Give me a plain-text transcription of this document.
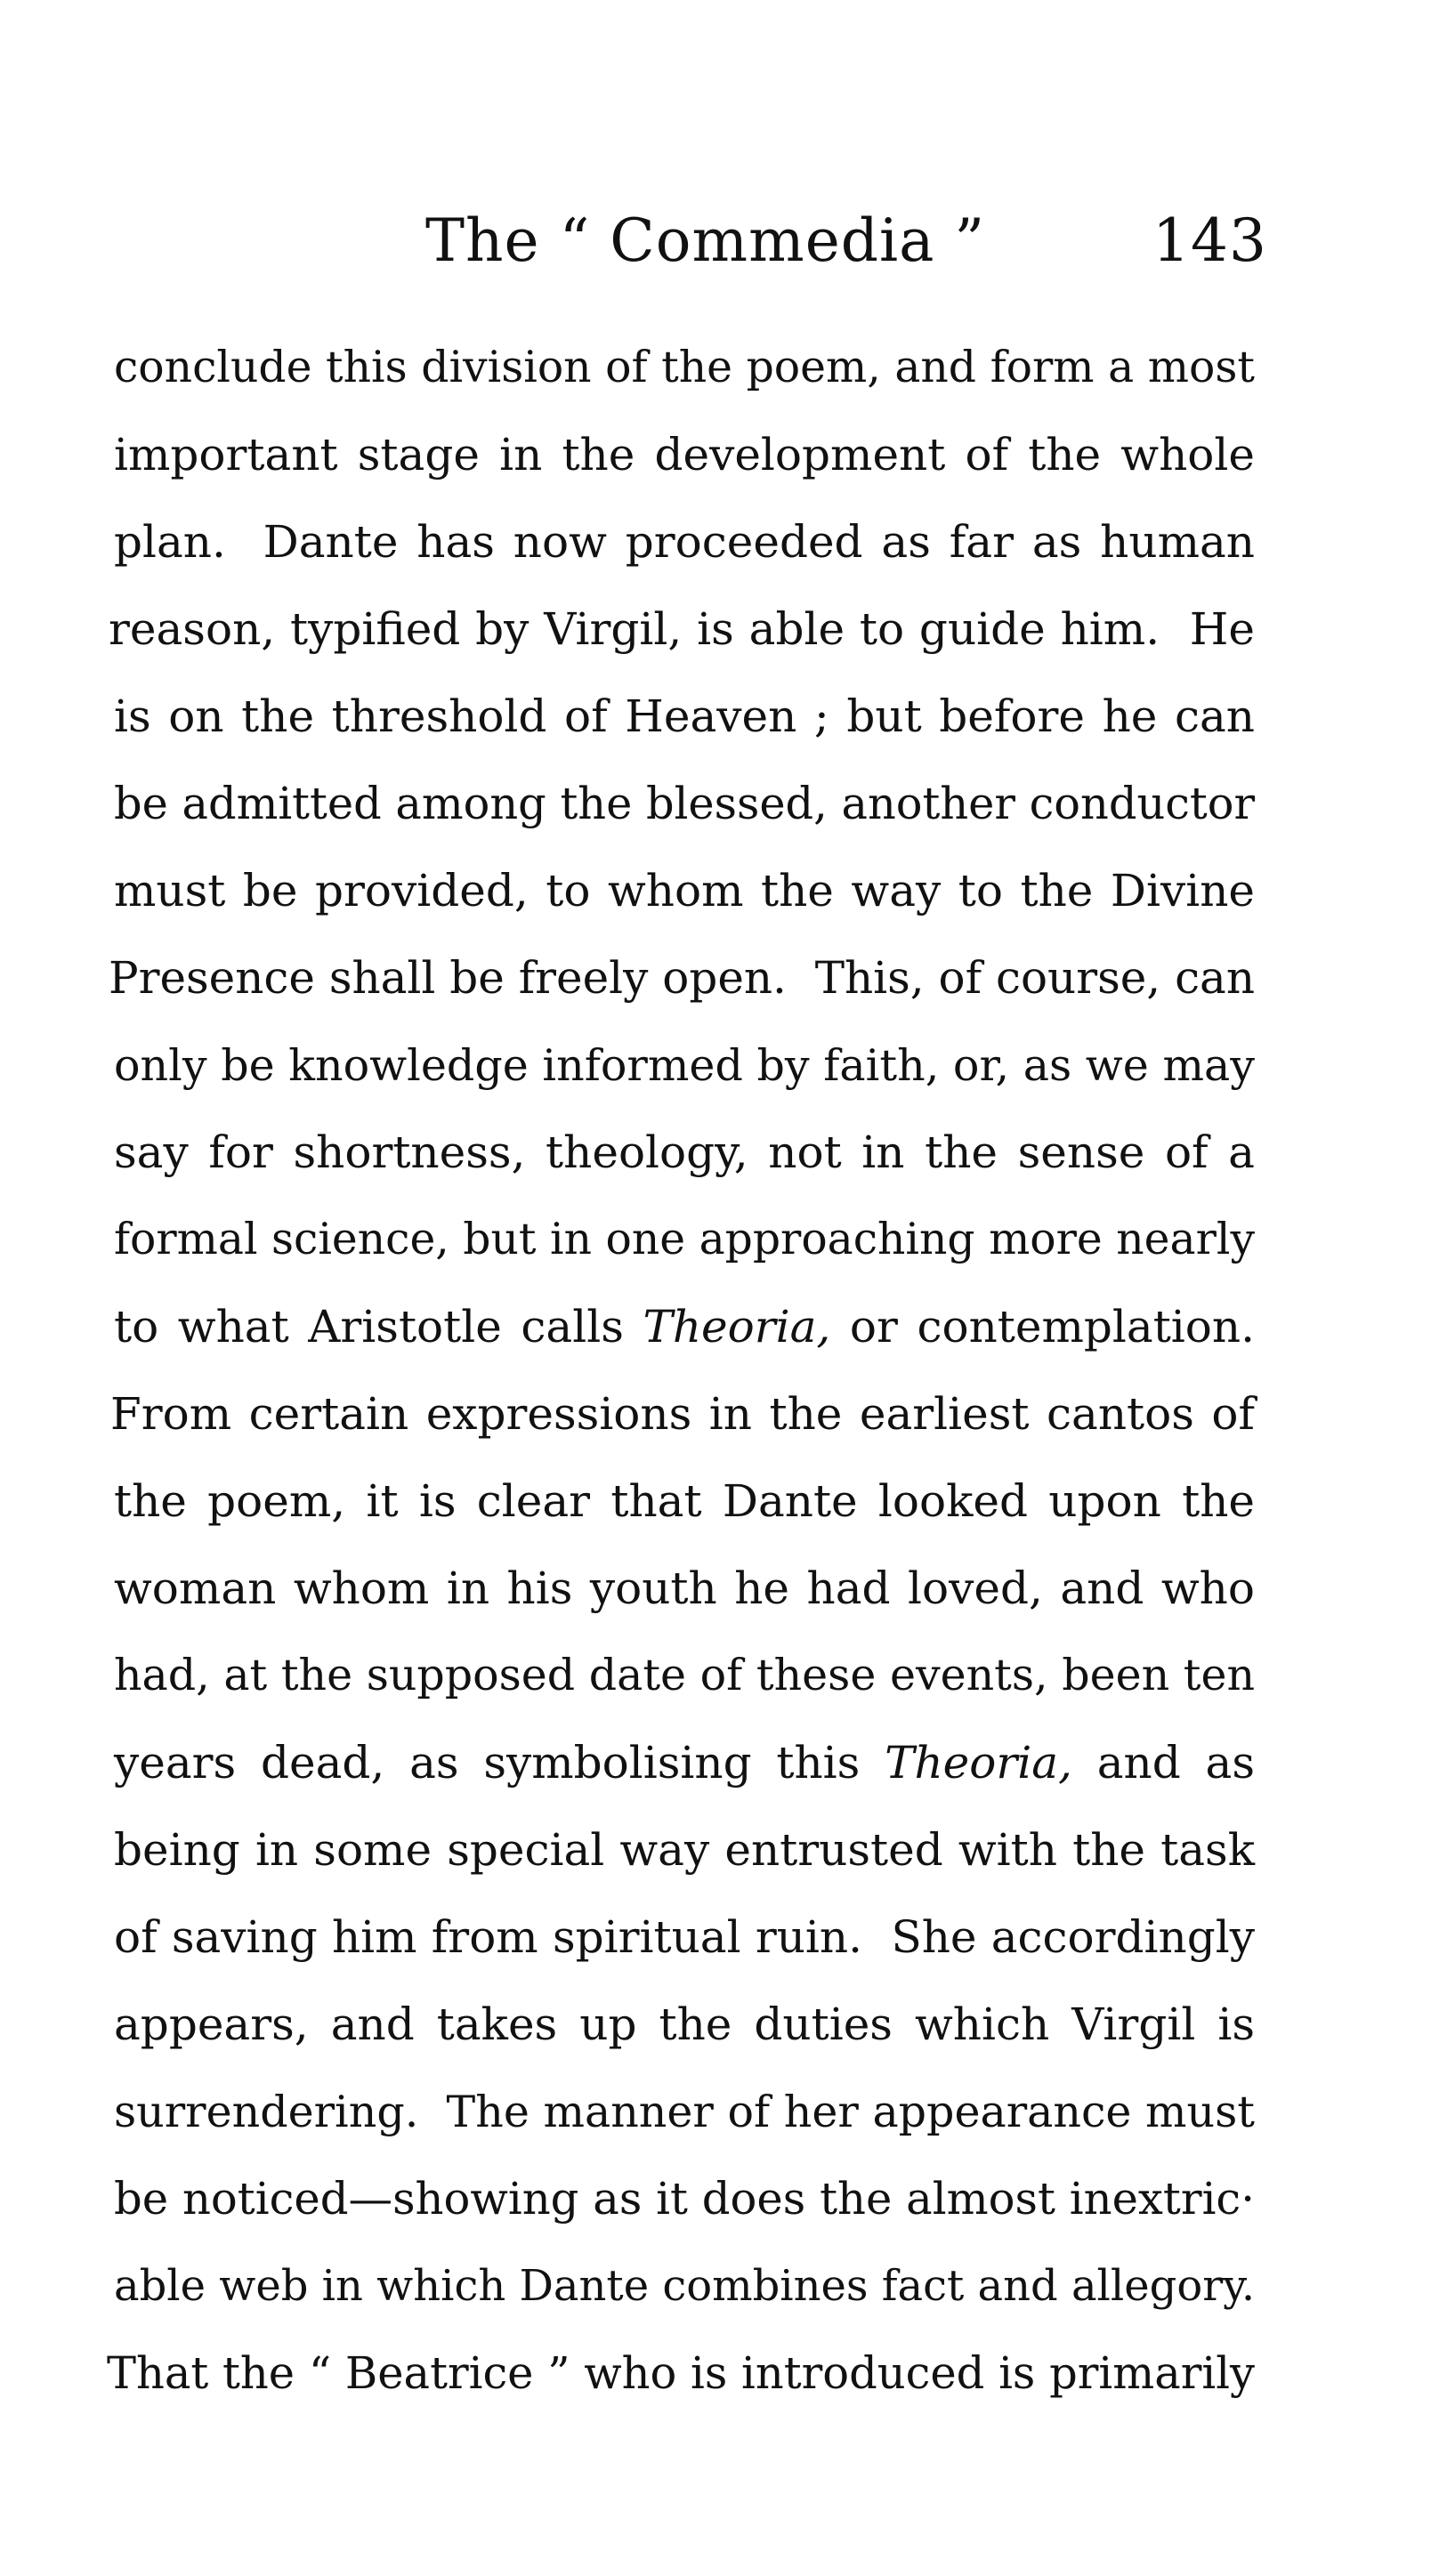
The “ Commedia ”	143
conclude this division of the poem, and form a most
important stage in the development of the whole
plan.  Dante has now proceeded as far as human
reason, typified by Virgil, is able to guide him.  He
is on the threshold of Heaven ; but before he can
be admitted among the blessed, another conductor
must be provided, to whom the way to the Divine
Presence shall be freely open.  This, of course, can
only be knowledge informed by faith, or, as we may
say for shortness, theology, not in the sense of a
formal science, but in one approaching more nearly
to what Aristotle calls Theoria, or contemplation.
From certain expressions in the earliest cantos of
the poem, it is clear that Dante looked upon the
woman whom in his youth he had loved, and who
had, at the supposed date of these events, been ten
years dead, as symbolising this Theoria, and as
being in some special way entrusted with the task
of saving him from spiritual ruin.  She accordingly
appears, and takes up the duties which Virgil is
surrendering.  The manner of her appearance must
be noticed—showing as it does the almost inextric·
able web in which Dante combines fact and allegory.
That the “ Beatrice ” who is introduced is primarily
